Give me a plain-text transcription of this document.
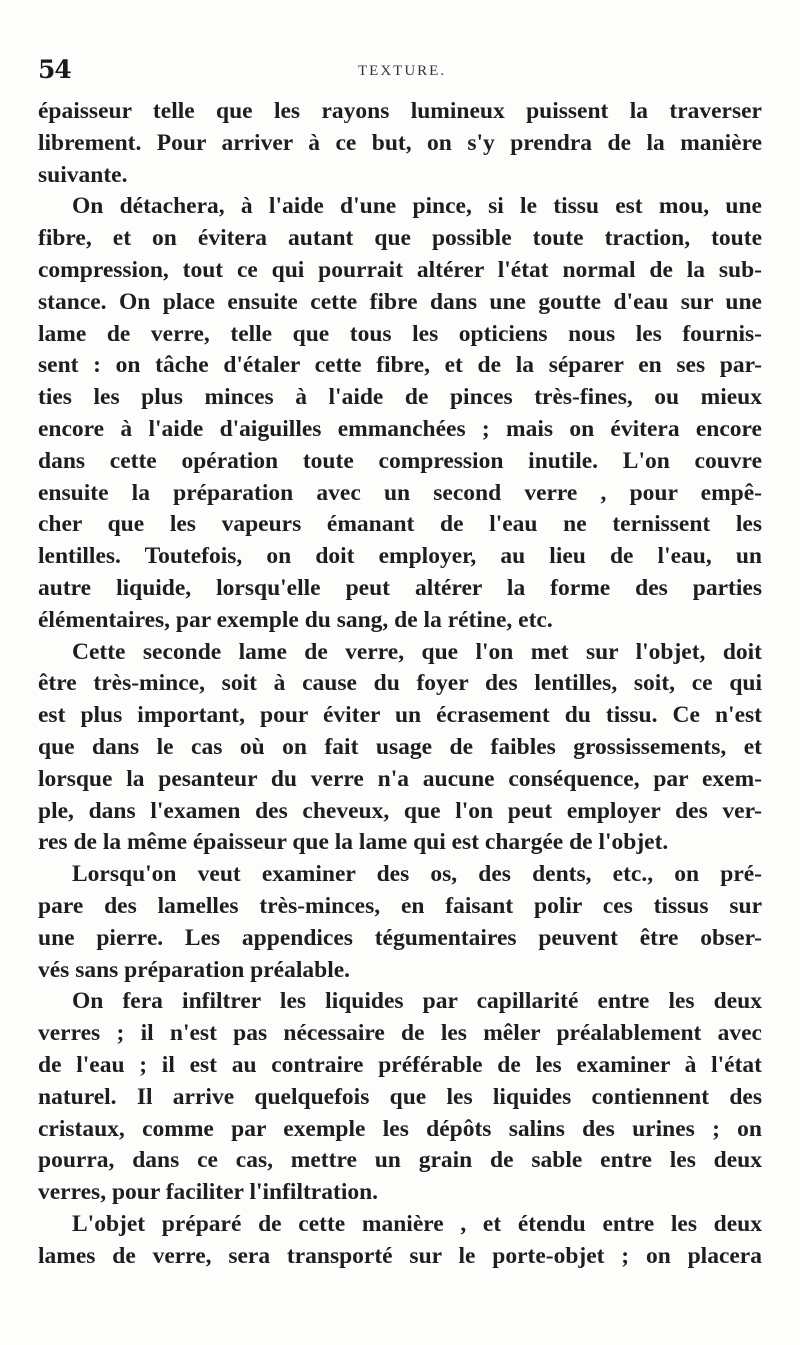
54	TEXTURE.
épaisseur telle que les rayons lumineux puissent la traverser
librement. Pour arriver à ce but, on s'y prendra de la manière
suivante.
On détachera, à l'aide d'une pince, si le tissu est mou, une
fibre, et on évitera autant que possible toute traction, toute
compression, tout ce qui pourrait altérer l'état normal de la sub-
stance. On place ensuite cette fibre dans une goutte d'eau sur une
lame de verre, telle que tous les opticiens nous les fournis-
sent : on tâche d'étaler cette fibre, et de la séparer en ses par-
ties les plus minces à l'aide de pinces très-fines, ou mieux
encore à l'aide d'aiguilles emmanchées ; mais on évitera encore
dans cette opération toute compression inutile. L'on couvre
ensuite la préparation avec un second verre , pour empê-
cher que les vapeurs émanant de l'eau ne ternissent les
lentilles. Toutefois, on doit employer, au lieu de l'eau, un
autre liquide, lorsqu'elle peut altérer la forme des parties
élémentaires, par exemple du sang, de la rétine, etc.
Cette seconde lame de verre, que l'on met sur l'objet, doit
être très-mince, soit à cause du foyer des lentilles, soit, ce qui
est plus important, pour éviter un écrasement du tissu. Ce n'est
que dans le cas où on fait usage de faibles grossissements, et
lorsque la pesanteur du verre n'a aucune conséquence, par exem-
ple, dans l'examen des cheveux, que l'on peut employer des ver-
res de la même épaisseur que la lame qui est chargée de l'objet.
Lorsqu'on veut examiner des os, des dents, etc., on pré-
pare des lamelles très-minces, en faisant polir ces tissus sur
une pierre. Les appendices tégumentaires peuvent être obser-
vés sans préparation préalable.
On fera infiltrer les liquides par capillarité entre les deux
verres ; il n'est pas nécessaire de les mêler préalablement avec
de l'eau ; il est au contraire préférable de les examiner à l'état
naturel. Il arrive quelquefois que les liquides contiennent des
cristaux, comme par exemple les dépôts salins des urines ; on
pourra, dans ce cas, mettre un grain de sable entre les deux
verres, pour faciliter l'infiltration.
L'objet préparé de cette manière , et étendu entre les deux
lames de verre, sera transporté sur le porte-objet ; on placera
